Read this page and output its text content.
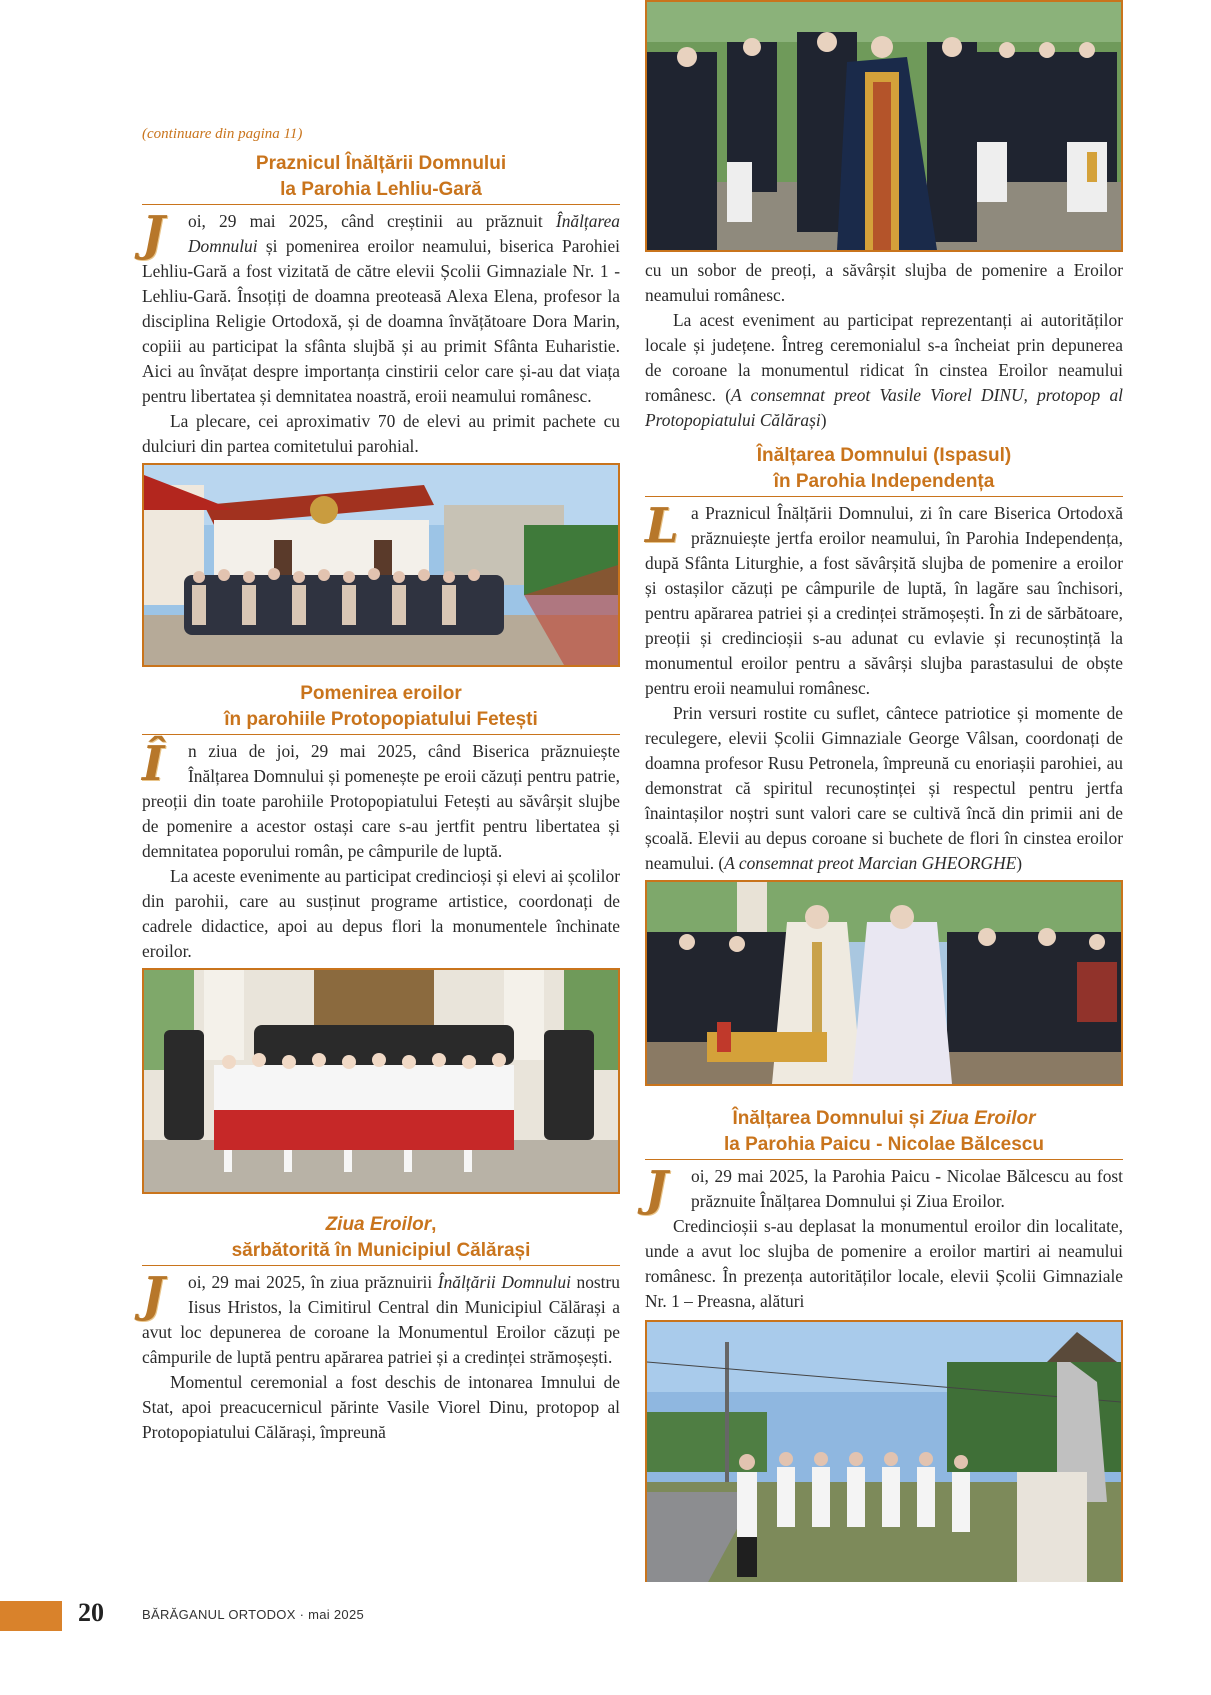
(continuare din pagina 11)
Praznicul Înălțării Domnului
la Parohia Lehliu-Gară

J	oi, 29 mai 2025, când creștinii au prăznuit Înălțarea Domnului și pomenirea eroilor neamului, biserica Parohiei Lehliu-Gară a fost vizitată de către elevii Școlii Gimnaziale Nr. 1 - Lehliu-Gară. Însoțiți de doamna preoteasă Alexa Elena, profesor la disciplina Religie Ortodoxă, și de doamna învățătoare Dora Marin, copiii au participat la sfânta slujbă și au primit Sfânta Euharistie. Aici au învățat despre importanța cinstirii celor care și-au dat viața pentru libertatea și demnitatea noastră, eroii neamului românesc.

La plecare, cei aproximativ 70 de elevi au primit pachete cu dulciuri din partea comitetului parohial.

Pomenirea eroilor
în parohiile Protopopiatului Fetești

Î	n ziua de joi, 29 mai 2025, când Biserica prăznuiește Înălțarea Domnului și pomenește pe eroii căzuți pentru patrie, preoții din toate parohiile Protopopiatului Fetești au săvârșit slujbe de pomenire a acestor ostași care s-au jertfit pentru libertatea și demnitatea poporului român, pe câmpurile de luptă.

La aceste evenimente au participat credincioși și elevi ai școlilor din parohii, care au susținut programe artistice, coordonați de cadrele didactice, apoi au depus flori la monumentele închinate eroilor.

Ziua Eroilor,
sărbătorită în Municipiul Călărași

J	oi, 29 mai 2025, în ziua prăznuirii Înălțării Domnului nostru Iisus Hristos, la Cimitirul Central din Municipiul Călărași a avut loc depunerea de coroane la Monumentul Eroilor căzuți pe câmpurile de luptă pentru apărarea patriei și a credinței strămoșești.

Momentul ceremonial a fost deschis de intonarea Imnului de Stat, apoi preacucernicul părinte Vasile Viorel Dinu, protopop al Protopopiatului Călărași, împreună

cu un sobor de preoți, a săvârșit slujba de pomenire a Eroilor neamului românesc.

La acest eveniment au participat reprezentanți ai autorităților locale și județene. Întreg ceremonialul s-a încheiat prin depunerea de coroane la monumentul ridicat în cinstea Eroilor neamului românesc. (A consemnat preot Vasile Viorel DINU, protopop al Protopopiatului Călărași)

Înălțarea Domnului (Ispasul)
în Parohia Independența

La Praznicul Înălțării Domnului, zi în care Biserica Ortodoxă prăznuiește jertfa eroilor neamului, în Parohia Independența, după Sfânta Liturghie, a fost săvârșită slujba de pomenire a eroilor și ostașilor căzuți pe câmpurile de luptă, în lagăre sau închisori, pentru apărarea patriei și a credinței strămoșești. În zi de sărbătoare, preoții și credincioșii s-au adunat cu evlavie și recunoștință la monumentul eroilor pentru a săvârși slujba parastasului de obște pentru eroii neamului românesc.

Prin versuri rostite cu suflet, cântece patriotice și momente de reculegere, elevii Școlii Gimnaziale George Vâlsan, coordonați de doamna profesor Rusu Petronela, împreună cu enoriașii parohiei, au demonstrat că spiritul recunoștinței și respectul pentru jertfa înaintașilor noștri sunt valori care se cultivă încă din primii ani de școală. Elevii au depus coroane si buchete de flori în cinstea eroilor neamului. (A consemnat preot Marcian GHEORGHE)

Înălțarea Domnului și Ziua Eroilor
la Parohia Paicu - Nicolae Bălcescu

J	oi, 29 mai 2025, la Parohia Paicu - Nicolae Bălcescu au fost prăznuite Înălțarea Domnului și Ziua Eroilor.

Credincioșii s-au deplasat la monumentul eroilor din localitate, unde a avut loc slujba de pomenire a eroilor martiri ai neamului românesc. În prezența autorităților locale, elevii Școlii Gimnaziale Nr. 1 – Preasna, alături

20	BĂRĂGANUL ORTODOX · mai 2025
